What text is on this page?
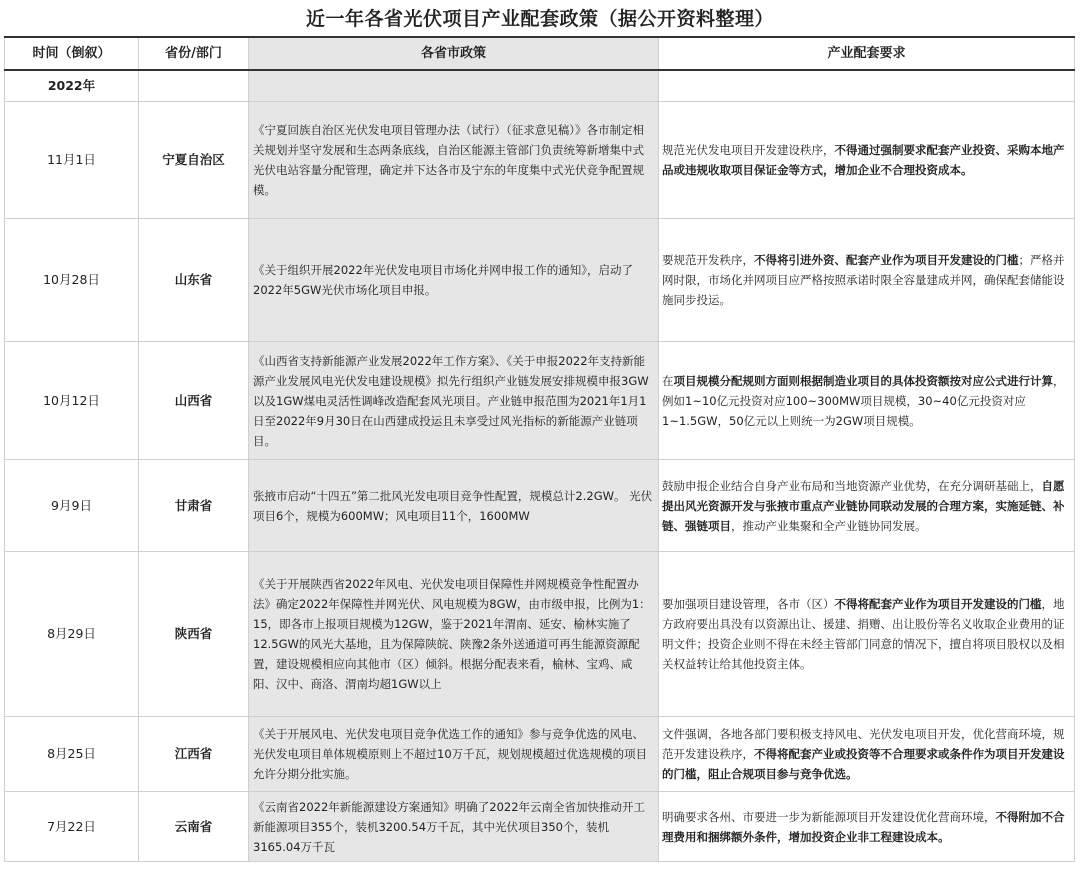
近一年各省光伏项目产业配套政策（据公开资料整理）
时间（倒叙）	省份/部门	各省市政策	产业配套要求
2022年			
11月1日	宁夏自治区	《宁夏回族自治区光伏发电项目管理办法（试行）（征求意见稿）》各市制定相关规划并坚守发展和生态两条底线，自治区能源主管部门负责统筹新增集中式光伏电站容量分配管理，确定并下达各市及宁东的年度集中式光伏竞争配置规模。	规范光伏发电项目开发建设秩序，不得通过强制要求配套产业投资、采购本地产品或违规收取项目保证金等方式，增加企业不合理投资成本。
10月28日	山东省	《关于组织开展2022年光伏发电项目市场化并网申报工作的通知》，启动了2022年5GW光伏市场化项目申报。	要规范开发秩序，不得将引进外资、配套产业作为项目开发建设的门槛；严格并网时限，市场化并网项目应严格按照承诺时限全容量建成并网，确保配套储能设施同步投运。
10月12日	山西省	《山西省支持新能源产业发展2022年工作方案》、《关于申报2022年支持新能源产业发展风电光伏发电建设规模》拟先行组织产业链发展安排规模申报3GW以及1GW煤电灵活性调峰改造配套风光项目。产业链申报范围为2021年1月1日至2022年9月30日在山西建成投运且未享受过风光指标的新能源产业链项目。	在项目规模分配规则方面则根据制造业项目的具体投资额按对应公式进行计算，例如1~10亿元投资对应100~300MW项目规模，30~40亿元投资对应1~1.5GW，50亿元以上则统一为2GW项目规模。
9月9日	甘肃省	张掖市启动“十四五”第二批风光发电项目竞争性配置，规模总计2.2GW。 光伏项目6个，规模为600MW；风电项目11个，1600MW	鼓励申报企业结合自身产业布局和当地资源产业优势，在充分调研基础上，自愿提出风光资源开发与张掖市重点产业链协同联动发展的合理方案，实施延链、补链、强链项目，推动产业集聚和全产业链协同发展。
8月29日	陕西省	《关于开展陕西省2022年风电、光伏发电项目保障性并网规模竞争性配置办法》确定2022年保障性并网光伏、风电规模为8GW，由市级申报，比例为1：15，即各市上报项目规模为12GW，鉴于2021年渭南、延安、榆林实施了12.5GW的风光大基地，且为保障陕皖、陕豫2条外送通道可再生能源资源配置，建设规模相应向其他市（区）倾斜。根据分配表来看，榆林、宝鸡、咸阳、汉中、商洛、渭南均超1GW以上	要加强项目建设管理，各市（区）不得将配套产业作为项目开发建设的门槛，地方政府要出具没有以资源出让、援建、捐赠、出让股份等名义收取企业费用的证明文件；投资企业则不得在未经主管部门同意的情况下，擅自将项目股权以及相关权益转让给其他投资主体。
8月25日	江西省	《关于开展风电、光伏发电项目竞争优选工作的通知》参与竞争优选的风电、光伏发电项目单体规模原则上不超过10万千瓦，规划规模超过优选规模的项目允许分期分批实施。	文件强调，各地各部门要积极支持风电、光伏发电项目开发，优化营商环境，规范开发建设秩序，不得将配套产业或投资等不合理要求或条件作为项目开发建设的门槛，阻止合规项目参与竞争优选。
7月22日	云南省	《云南省2022年新能源建设方案通知》明确了2022年云南全省加快推动开工新能源项目355个，装机3200.54万千瓦，其中光伏项目350个，装机3165.04万千瓦	明确要求各州、市要进一步为新能源项目开发建设优化营商环境，不得附加不合理费用和捆绑额外条件，增加投资企业非工程建设成本。
